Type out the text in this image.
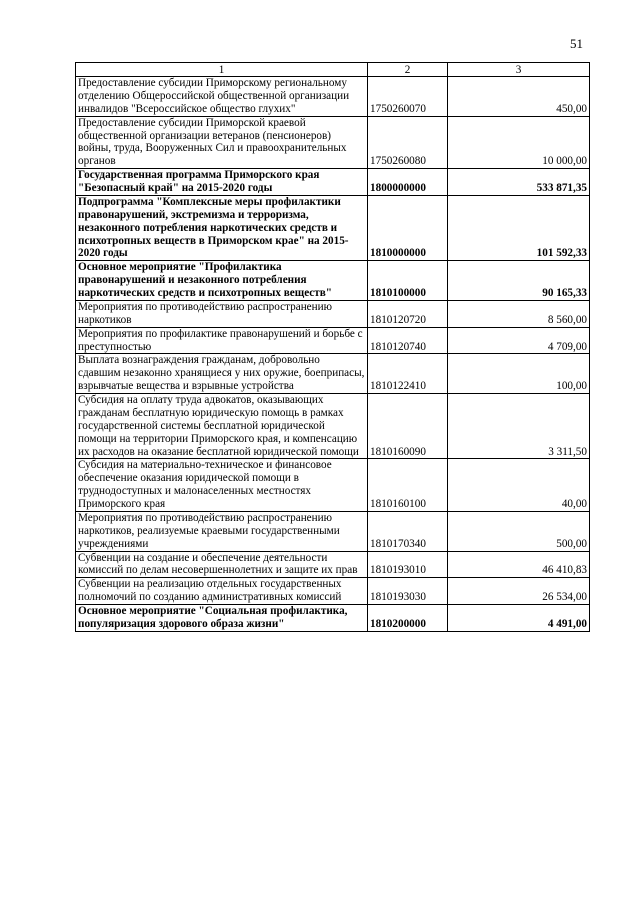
51
1	2	3
Предоставление субсидии Приморскому региональному отделению Общероссийской общественной организации инвалидов "Всероссийское общество глухих"	1750260070	450,00
Предоставление субсидии Приморской краевой общественной организации ветеранов (пенсионеров) войны, труда, Вооруженных Сил и правоохранительных органов	1750260080	10 000,00
Государственная программа Приморского края "Безопасный край" на 2015-2020 годы	1800000000	533 871,35
Подпрограмма "Комплексные меры профилактики правонарушений, экстремизма и терроризма, незаконного потребления наркотических средств и психотропных веществ в Приморском крае" на 2015-2020 годы	1810000000	101 592,33
Основное мероприятие "Профилактика правонарушений и незаконного потребления наркотических средств и психотропных веществ"	1810100000	90 165,33
Мероприятия по противодействию распространению наркотиков	1810120720	8 560,00
Мероприятия по профилактике правонарушений и борьбе с преступностью	1810120740	4 709,00
Выплата вознаграждения гражданам, добровольно сдавшим незаконно хранящиеся у них оружие, боеприпасы, взрывчатые вещества и взрывные устройства	1810122410	100,00
Субсидия на оплату труда адвокатов, оказывающих гражданам бесплатную юридическую помощь в рамках государственной системы бесплатной юридической помощи на территории Приморского края, и компенсацию их расходов на оказание бесплатной юридической помощи	1810160090	3 311,50
Субсидия на материально-техническое и финансовое обеспечение оказания юридической помощи в труднодоступных и малонаселенных местностях Приморского края	1810160100	40,00
Мероприятия по противодействию распространению наркотиков, реализуемые краевыми государственными учреждениями	1810170340	500,00
Субвенции на создание и обеспечение деятельности комиссий по делам несовершеннолетних и защите их прав	1810193010	46 410,83
Субвенции на реализацию отдельных государственных полномочий по созданию административных комиссий	1810193030	26 534,00
Основное мероприятие "Социальная профилактика, популяризация здорового образа жизни"	1810200000	4 491,00
